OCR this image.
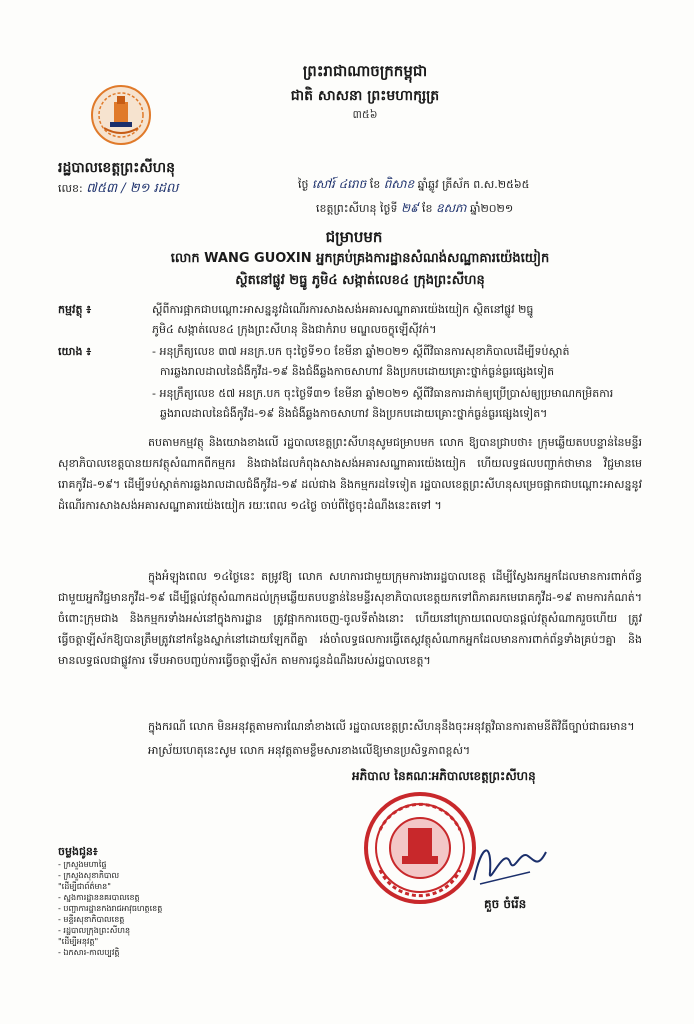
ព្រះរាជាណាចក្រកម្ពុជា
ជាតិ សាសនា ព្រះមហាក្សត្រ
៣៥៦
រដ្ឋបាលខេត្តព្រះសីហនុ
លេខ: ៧៥៣ / ២១ រដល	ថ្ងៃ សៅរ៍ ៤រោច ខែ ពិសាខ ឆ្នាំឆ្លូវ ត្រីស័ក ព.ស.២៥៦៥
ខេត្តព្រះសីហនុ ថ្ងៃទី ២៩ ខែ ឧសភា ឆ្នាំ២០២១
ជម្រាបមក
លោក WANG GUOXIN អ្នកគ្រប់គ្រងការដ្ឋានសំណង់សណ្ឋាគារយ៉េងយៀក
ស្ថិតនៅផ្លូវ ២ធ្នូ ភូមិ៤ សង្កាត់លេខ៤ ក្រុងព្រះសីហនុ
កម្មវត្ថុ ៖	ស្តីពីការផ្អាកជាបណ្តោះអាសន្ននូវដំណើរការសាងសង់អគារសណ្ឋាគារយ៉េងយៀក ស្ថិតនៅផ្លូវ ២ធ្នូ
ភូមិ៤ សង្កាត់លេខ៤ ក្រុងព្រះសីហនុ និងជាកំរាប មណ្ឌលចក្ខុឡើស៊ីវក់។
យោង ៖	- អនុក្រឹត្យលេខ ៣៧ អនក្រ.បក ចុះថ្ងៃទី១០ ខែមីនា ឆ្នាំ២០២១ ស្តីពីវិធានការសុខាភិបាលដើម្បីទប់ស្កាត់
ការឆ្លងរាលដាលនៃជំងឺកូវីដ-១៩ និងជំងឺឆ្លងកាចសាហាវ និងប្រកបដោយគ្រោះថ្នាក់ធ្ងន់ធ្ងរផ្សេងទៀត
- អនុក្រឹត្យលេខ ៥៧ អនក្រ.បក ចុះថ្ងៃទី៣១ ខែមីនា ឆ្នាំ២០២១ ស្តីពីវិធានការដាក់ឲ្យប្រើប្រាស់ឲ្យប្រមាណកម្រិតការ
ឆ្លងរាលដាលនៃជំងឺកូវីដ-១៩ និងជំងឺឆ្លងកាចសាហាវ និងប្រកបដោយគ្រោះថ្នាក់ធ្ងន់ធ្ងរផ្សេងទៀត។
តបតាមកម្មវត្ថុ និងយោងខាងលើ រដ្ឋបាលខេត្តព្រះសីហនុសូមជម្រាបមក លោក ឱ្យបានជ្រាបថា៖ ក្រុមឆ្លើយតបបន្ទាន់នៃមន្ទីរសុខាភិបាលខេត្តបានយកវត្ថុសំណាកពីកម្មករ និងជាងដែលកំពុងសាងសង់អគារសណ្ឋាគារយ៉េងយៀក ហើយលទ្ធផលបញ្ជាក់ថាមាន វិជ្ជមានមេរោគកូវីដ-១៩។ ដើម្បីទប់ស្កាត់ការឆ្លងរាលដាលជំងឺកូវីដ-១៩ ដល់ជាង និងកម្មករដទៃទៀត រដ្ឋបាលខេត្តព្រះសីហនុសម្រេចផ្អាកជាបណ្តោះអាសន្ននូវដំណើរការសាងសង់អគារសណ្ឋាគារយ៉េងយៀក រយៈពេល ១៤ថ្ងៃ ចាប់ពីថ្ងៃចុះដំណឹងនេះតទៅ ។
ក្នុងអំឡុងពេល ១៤ថ្ងៃនេះ តម្រូវឱ្យ លោក សហការជាមួយក្រុមការងាររដ្ឋបាលខេត្ត ដើម្បីស្វែងរកអ្នកដែលមានការពាក់ព័ន្ធជាមួយអ្នកវិជ្ជមានកូវីដ-១៩ ដើម្បីផ្តល់វត្ថុសំណាកដល់ក្រុមឆ្លើយតបបន្ទាន់នៃមន្ទីរសុខាភិបាលខេត្តយកទៅពិភាគរកមេរោគកូវីដ-១៩ តាមការកំណត់។ ចំពោះក្រុមជាង និងកម្មករទាំងអស់នៅក្នុងការដ្ឋាន ត្រូវផ្អាកការចេញ-ចូលទីតាំងនោះ ហើយនៅក្រោយពេលបានផ្តល់វត្ថុសំណាករួចហើយ ត្រូវធ្វើចត្តាឡីស័កឱ្យបានត្រឹមត្រូវនៅកន្លែងស្នាក់នៅដោយឡែកពីគ្នា រង់ចាំលទ្ធផលការធ្វើតេស្តវត្ថុសំណាកអ្នកដែលមានការពាក់ព័ន្ធទាំងគ្រប់ៗគ្នា និងមានលទ្ធផលជាផ្លូវការ ទើបអាចបញ្ចប់ការធ្វើចត្តាឡីស័ក តាមការជូនដំណឹងរបស់រដ្ឋបាលខេត្ត។
ក្នុងករណី លោក មិនអនុវត្តតាមការណែនាំខាងលើ រដ្ឋបាលខេត្តព្រះសីហនុនឹងចុះអនុវត្តវិធានការតាមនីតិវិធីច្បាប់ជាធរមាន។
អាស្រ័យហេតុនេះសូម លោក អនុវត្តតាមខ្លឹមសារខាងលើឱ្យមានប្រសិទ្ធភាពខ្ពស់។
អភិបាល នៃគណៈអភិបាលខេត្តព្រះសីហនុ
គួច ចំរើន
ចម្លងជូន៖
- ក្រសួងមហាផ្ទៃ
- ក្រសួងសុខាភិបាល
"ដើម្បីជាព័ត៌មាន"
- ស្នងការដ្ឋាននគរបាលខេត្ត
- បញ្ជាការដ្ឋានកងរាជអាវុធហត្ថខេត្ត
- មន្ទីរសុខាភិបាលខេត្ត
- រដ្ឋបាលក្រុងព្រះសីហនុ
"ដើម្បីអនុវត្ត"
- ឯកសារ-កាលប្បវត្តិ
